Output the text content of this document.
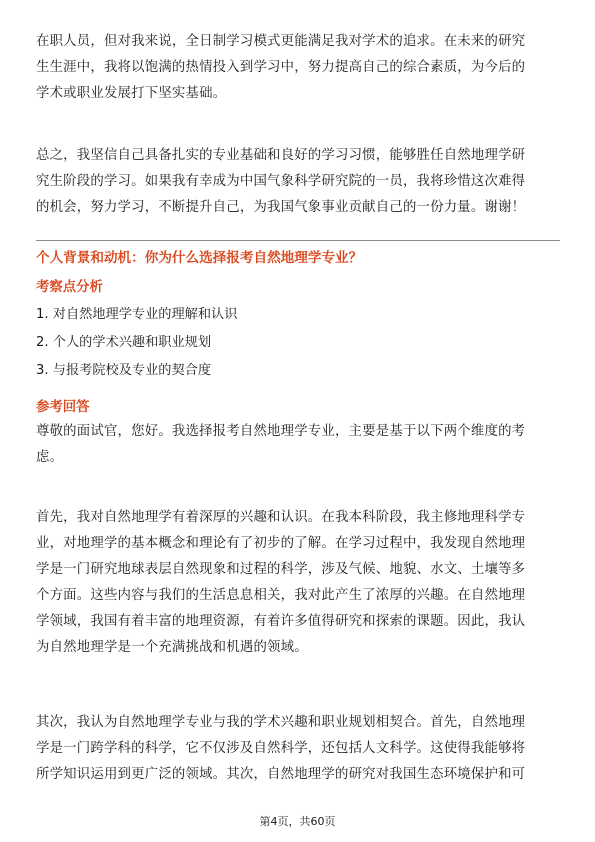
在职人员，但对我来说，全日制学习模式更能满足我对学术的追求。在未来的研究
生生涯中，我将以饱满的热情投入到学习中，努力提高自己的综合素质，为今后的
学术或职业发展打下坚实基础。

总之，我坚信自己具备扎实的专业基础和良好的学习习惯，能够胜任自然地理学研
究生阶段的学习。如果我有幸成为中国气象科学研究院的一员，我将珍惜这次难得
的机会，努力学习，不断提升自己，为我国气象事业贡献自己的一份力量。谢谢！

个人背景和动机：你为什么选择报考自然地理学专业？
考察点分析
1. 对自然地理学专业的理解和认识
2. 个人的学术兴趣和职业规划
3. 与报考院校及专业的契合度
参考回答

尊敬的面试官，您好。我选择报考自然地理学专业，主要是基于以下两个维度的考
虑。

首先，我对自然地理学有着深厚的兴趣和认识。在我本科阶段，我主修地理科学专
业，对地理学的基本概念和理论有了初步的了解。在学习过程中，我发现自然地理
学是一门研究地球表层自然现象和过程的科学，涉及气候、地貌、水文、土壤等多
个方面。这些内容与我们的生活息息相关，我对此产生了浓厚的兴趣。在自然地理
学领域，我国有着丰富的地理资源，有着许多值得研究和探索的课题。因此，我认
为自然地理学是一个充满挑战和机遇的领域。

其次，我认为自然地理学专业与我的学术兴趣和职业规划相契合。首先，自然地理
学是一门跨学科的科学，它不仅涉及自然科学，还包括人文科学。这使得我能够将
所学知识运用到更广泛的领域。其次，自然地理学的研究对我国生态环境保护和可

第4页，共60页
